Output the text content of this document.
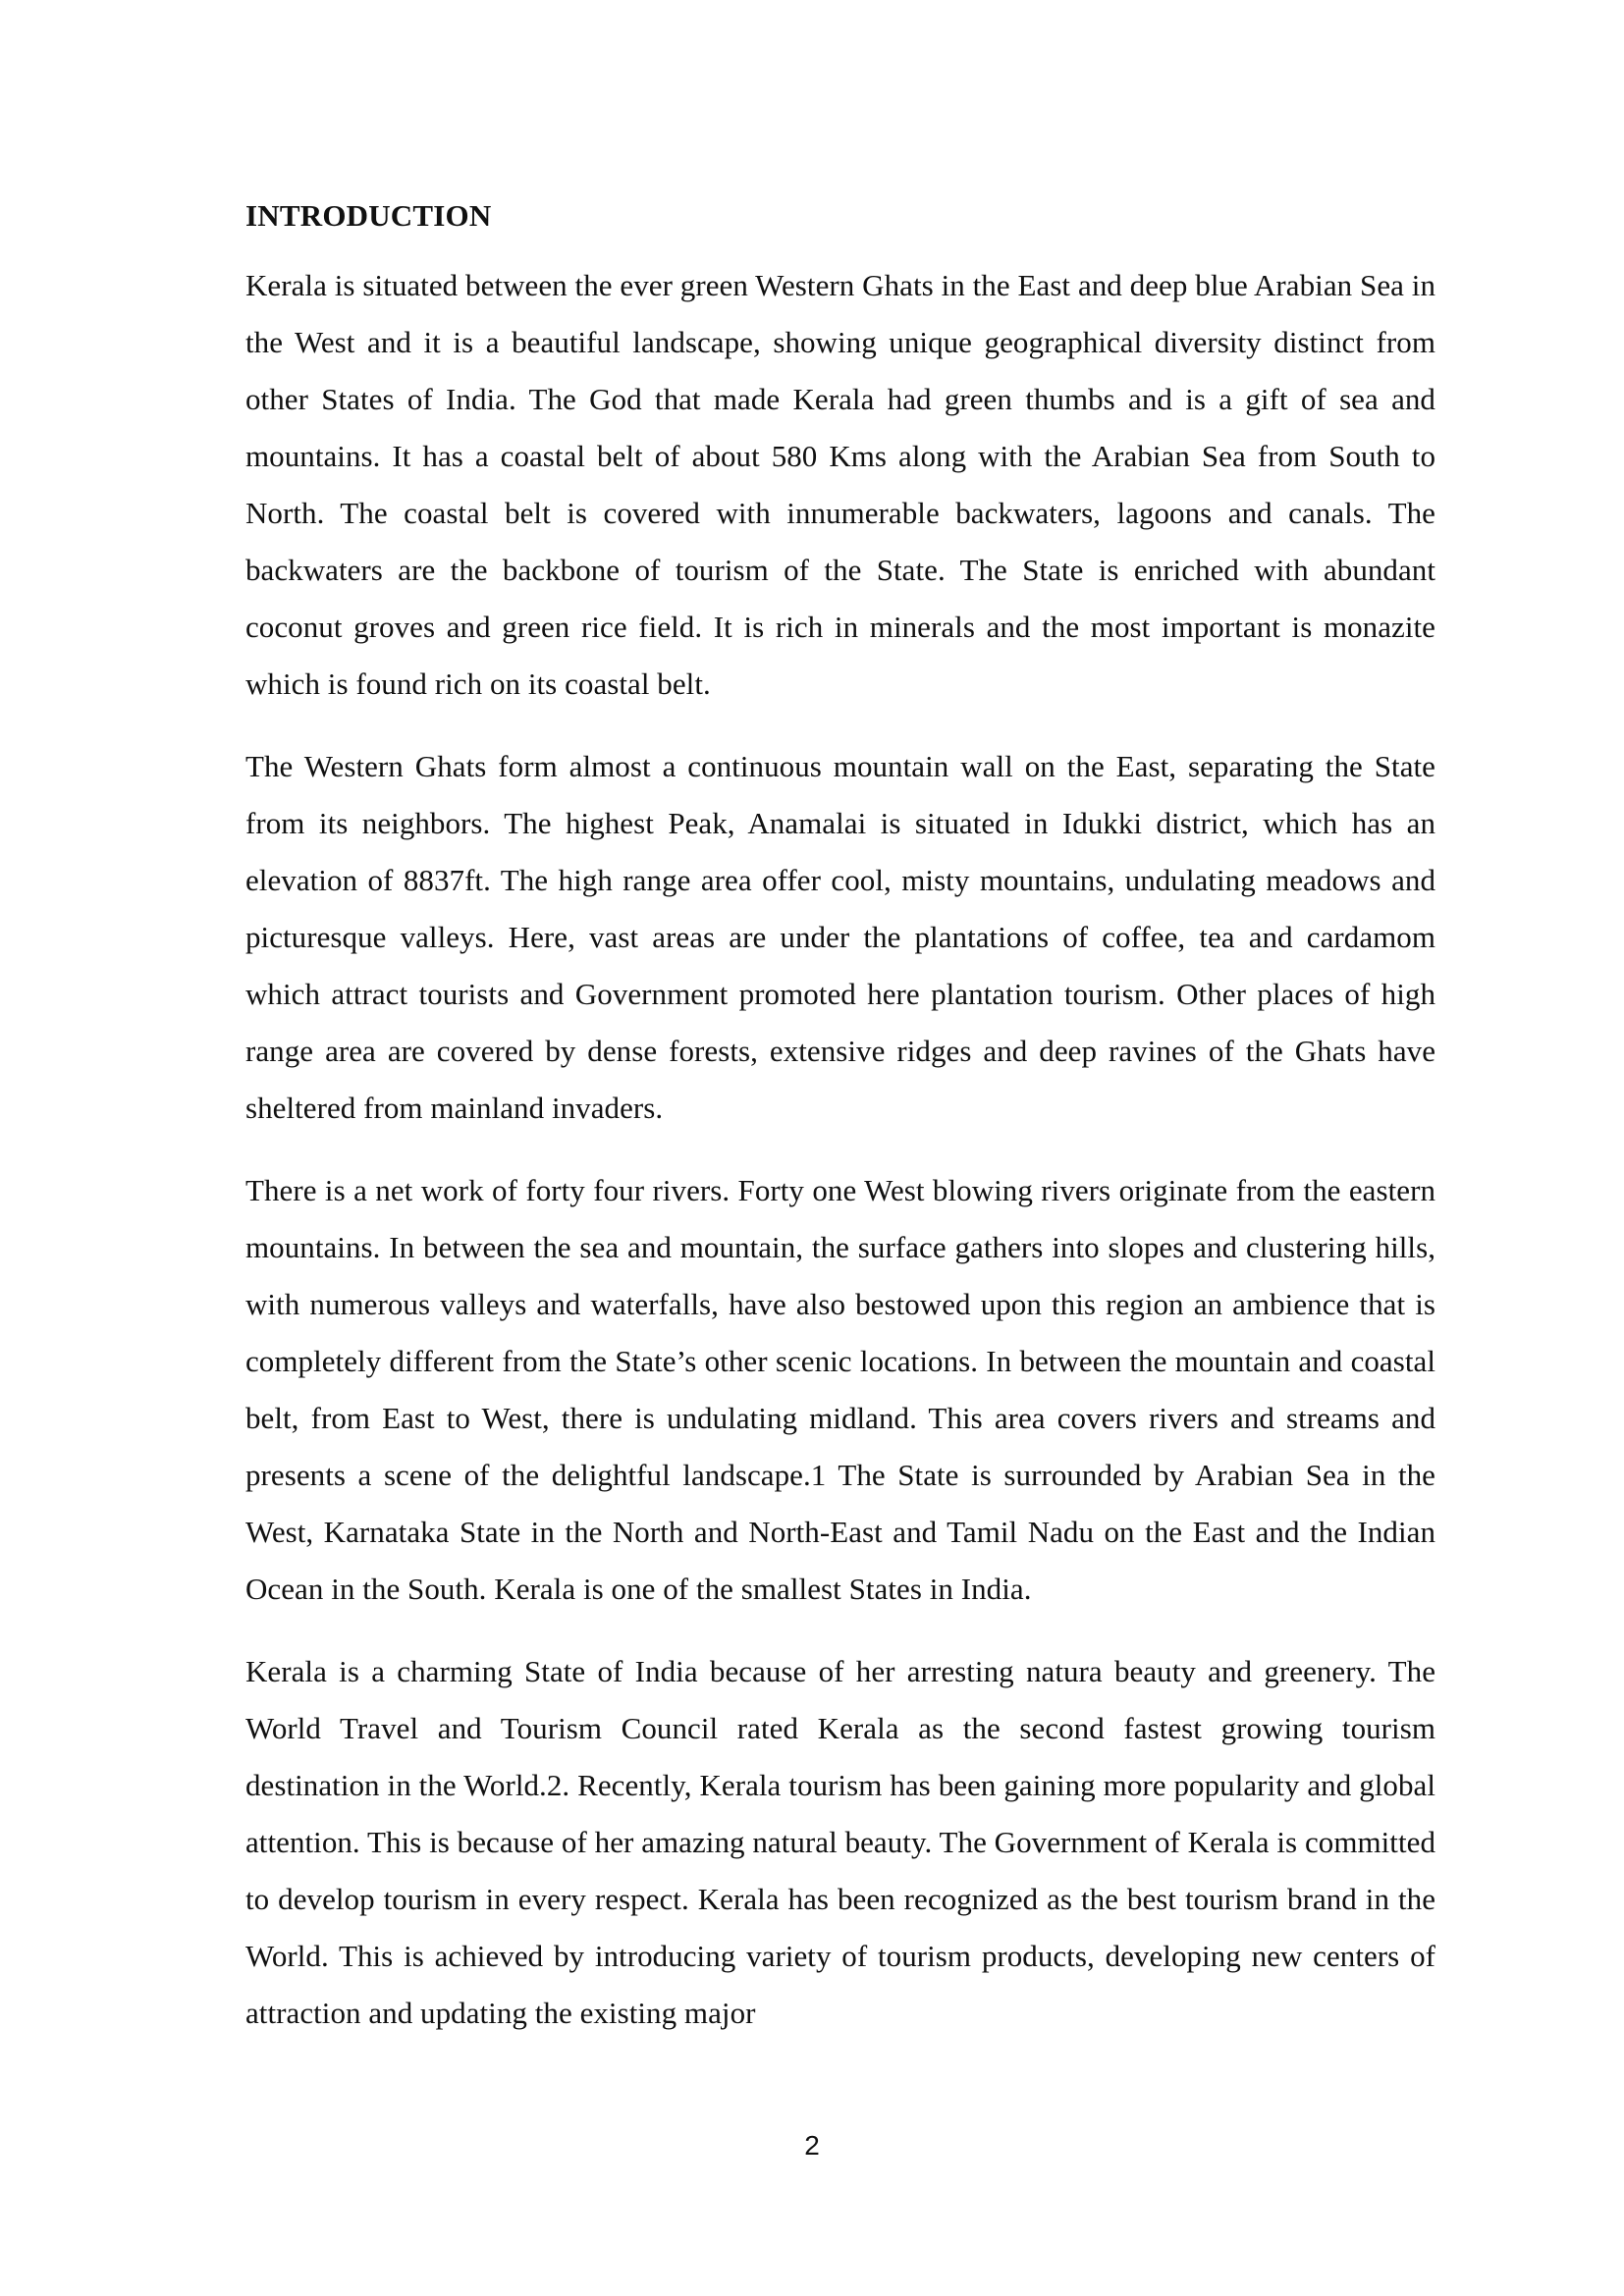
INTRODUCTION

Kerala is situated between the ever green Western Ghats in the East and deep blue Arabian Sea in the West and it is a beautiful landscape, showing unique geographical diversity distinct from other States of India. The God that made Kerala had green thumbs and is a gift of sea and mountains. It has a coastal belt of about 580 Kms along with the Arabian Sea from South to North. The coastal belt is covered with innumerable backwaters, lagoons and canals. The backwaters are the backbone of tourism of the State. The State is enriched with abundant coconut groves and green rice field. It is rich in minerals and the most important is monazite which is found rich on its coastal belt.

The Western Ghats form almost a continuous mountain wall on the East, separating the State from its neighbors. The highest Peak, Anamalai is situated in Idukki district, which has an elevation of 8837ft. The high range area offer cool, misty mountains, undulating meadows and picturesque valleys. Here, vast areas are under the plantations of coffee, tea and cardamom which attract tourists and Government promoted here plantation tourism. Other places of high range area are covered by dense forests, extensive ridges and deep ravines of the Ghats have sheltered from mainland invaders.

There is a net work of forty four rivers. Forty one West blowing rivers originate from the eastern mountains. In between the sea and mountain, the surface gathers into slopes and clustering hills, with numerous valleys and waterfalls, have also bestowed upon this region an ambience that is completely different from the State’s other scenic locations. In between the mountain and coastal belt, from East to West, there is undulating midland. This area covers rivers and streams and presents a scene of the delightful landscape.1 The State is surrounded by Arabian Sea in the West, Karnataka State in the North and North-East and Tamil Nadu on the East and the Indian Ocean in the South. Kerala is one of the smallest States in India.

Kerala is a charming State of India because of her arresting natura beauty and greenery. The World Travel and Tourism Council rated Kerala as the second fastest growing tourism destination in the World.2. Recently, Kerala tourism has been gaining more popularity and global attention. This is because of her amazing natural beauty. The Government of Kerala is committed to develop tourism in every respect. Kerala has been recognized as the best tourism brand in the World. This is achieved by introducing variety of tourism products, developing new centers of attraction and updating the existing major

2
